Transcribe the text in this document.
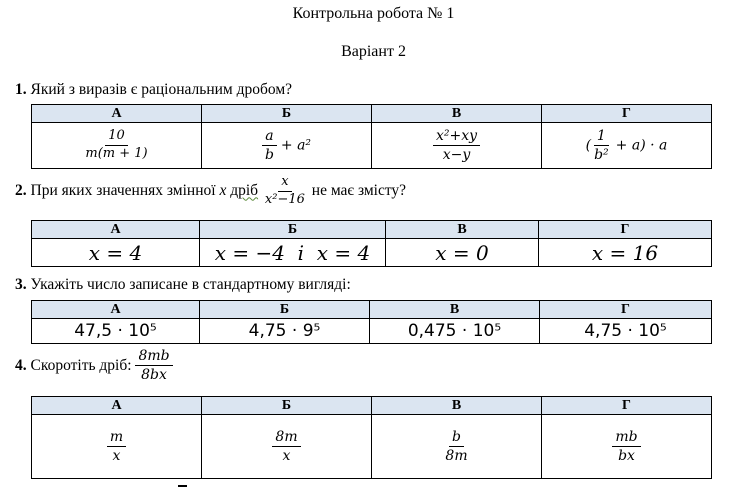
Контрольна робота № 1
Варіант 2
1. Який з виразів є раціональним дробом?
А	Б	В	Г

$\frac{10}{m(m + 1)}$	$\frac{a}{b} + a^2$	$\frac{\text{x²+xy}}{x-y}$	( $\frac{1}{\text{b²}} + a) \cdot a$
2.
При яких значеннях змінної
x
дріб
$\frac{x}{\text{x²−16}}$
не має змісту?
А	Б	В	Г
x = 4	x = −4  і  x = 4	x = 0	x = 16
3. Укажіть число записане в стандартному вигляді:
А	Б	В	Г
47,5 · 10⁵	4,75 · 9⁵	0,475 · 10⁵	4,75 · 10⁵
4.
Скоротіть дріб:
$\frac{8mb}{8bx}$
А	Б	В	Г

$\frac{m}{x}$	$\frac{8m}{x}$	$\frac{b}{8m}$	$\frac{mb}{bx}$
